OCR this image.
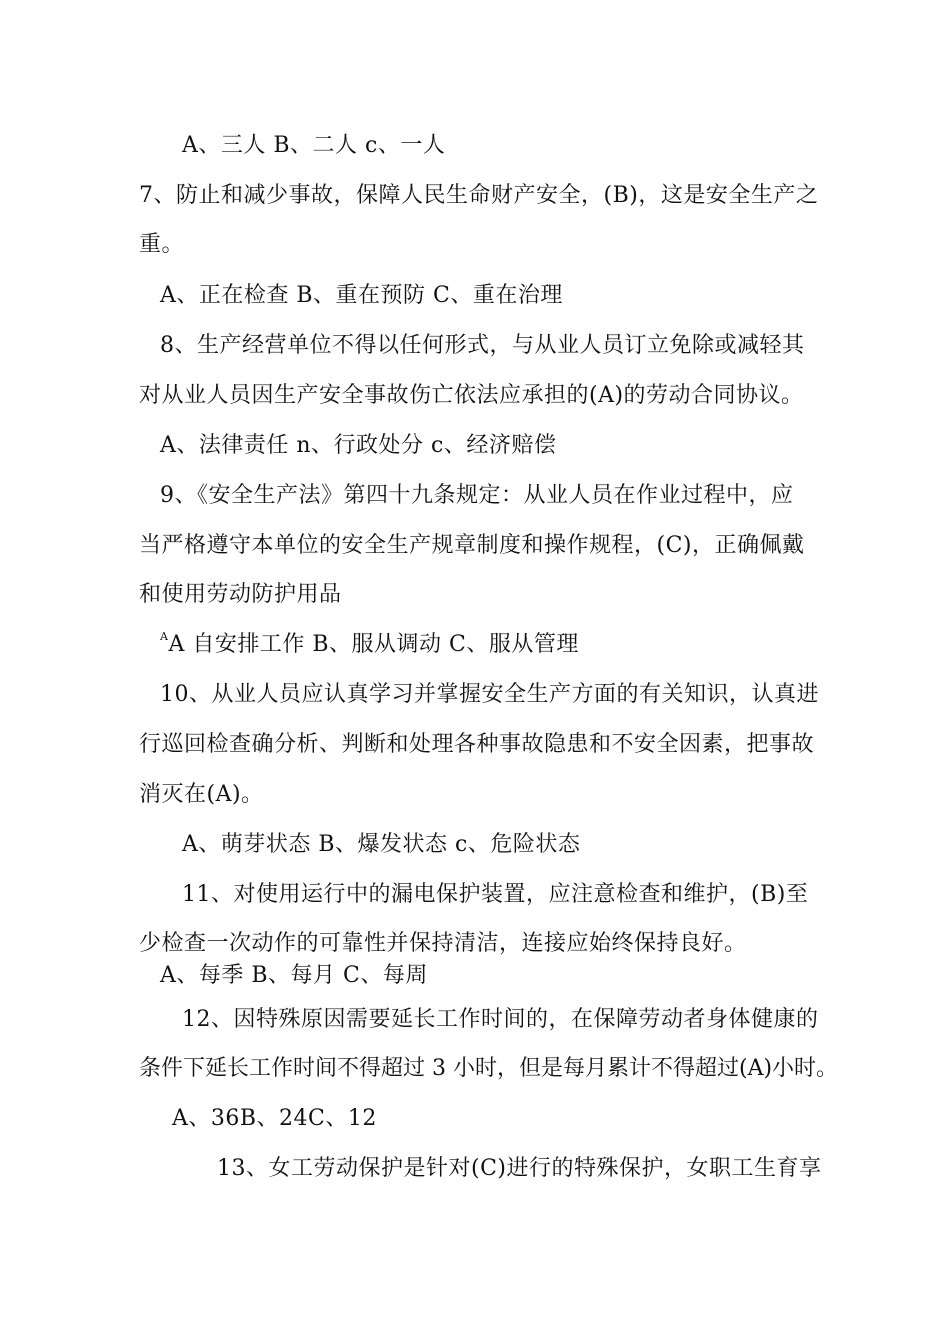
A、三人 B、二人 c、一人
7、防止和减少事故，保障人民生命财产安全，(B)，这是安全生产之
重。
A、正在检查 B、重在预防 C、重在治理
8、生产经营单位不得以任何形式，与从业人员订立免除或减轻其
对从业人员因生产安全事故伤亡依法应承担的(A)的劳动合同协议。
A、法律责任 n、行政处分 c、经济赔偿
9、《安全生产法》第四十九条规定：从业人员在作业过程中，应
当严格遵守本单位的安全生产规章制度和操作规程，(C)，正确佩戴
和使用劳动防护用品
$^A$A 自安排工作 B、服从调动 C、服从管理
10、从业人员应认真学习并掌握安全生产方面的有关知识，认真进
行巡回检查确分析、判断和处理各种事故隐患和不安全因素，把事故
消灭在(A)。
A、萌芽状态 B、爆发状态 c、危险状态
11、对使用运行中的漏电保护装置，应注意检查和维护，(B)至
少检查一次动作的可靠性并保持清洁，连接应始终保持良好。
A、每季 B、每月 C、每周
12、因特殊原因需要延长工作时间的，在保障劳动者身体健康的
条件下延长工作时间不得超过 3 小时，但是每月累计不得超过(A)小时。
A、36B、24C、12
13、女工劳动保护是针对(C)进行的特殊保护，女职工生育享
